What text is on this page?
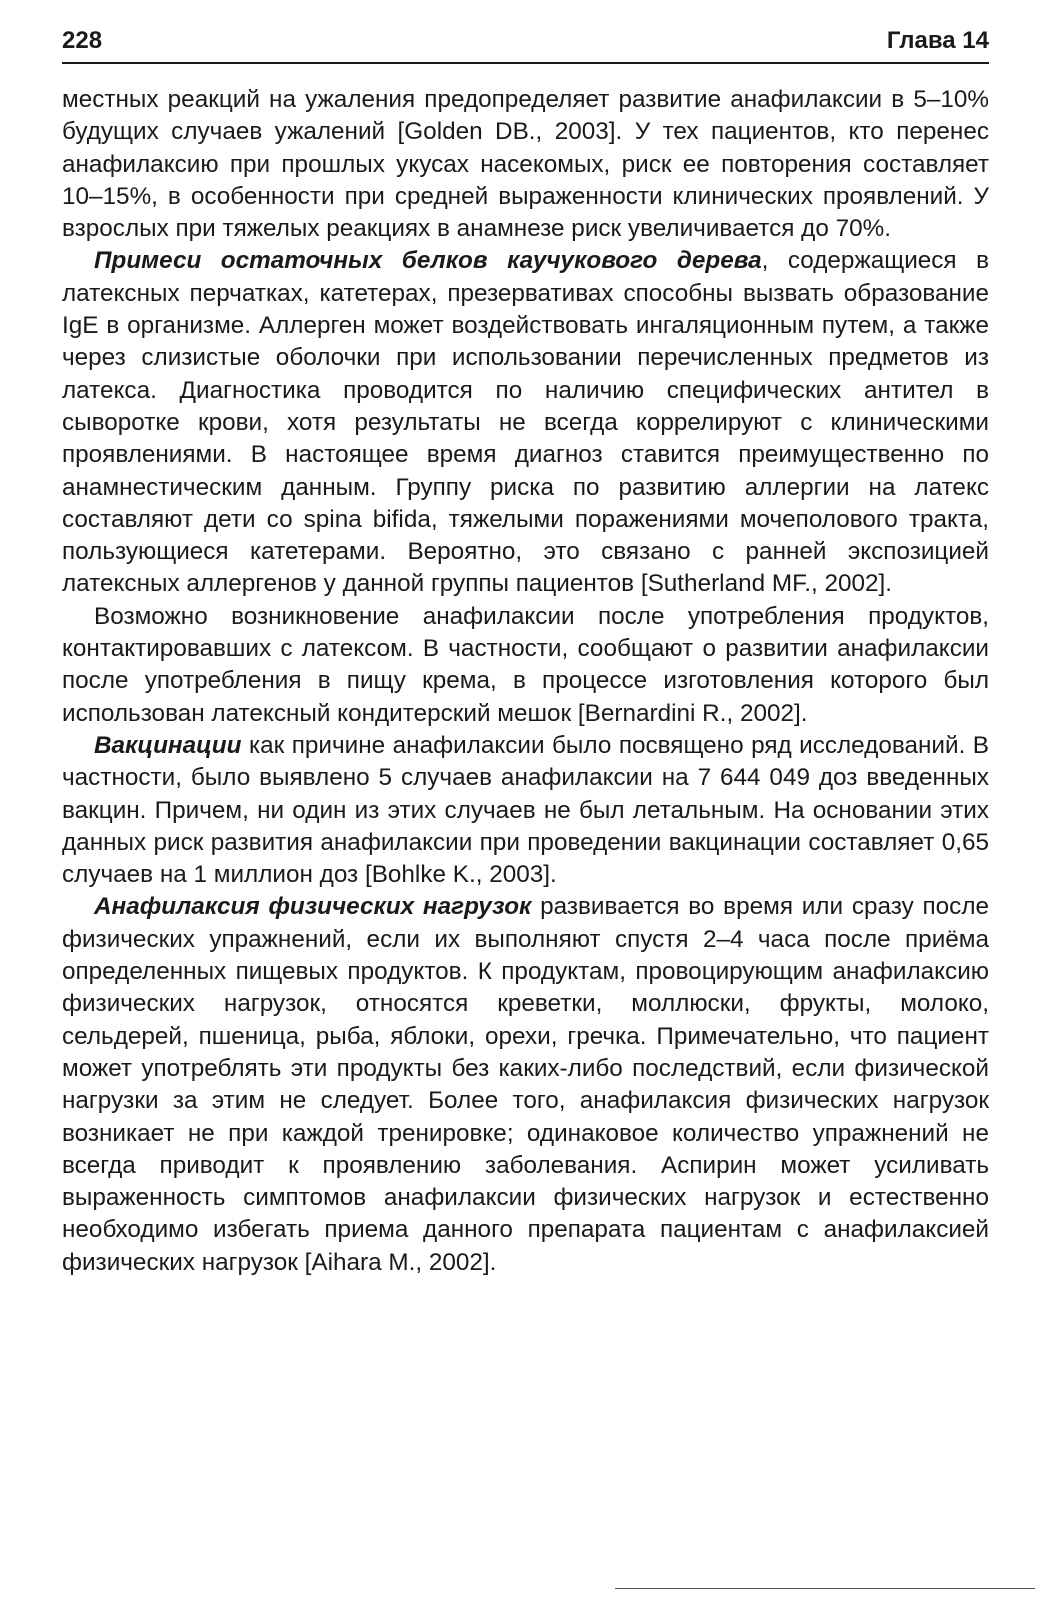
228	Глава 14

местных реакций на ужаления предопределяет развитие анафилаксии в 5–10% будущих случаев ужалений [Golden DB., 2003]. У тех пациентов, кто перенес анафилаксию при прошлых укусах насекомых, риск ее повторения составляет 10–15%, в особенности при средней выраженности клинических проявлений. У взрослых при тяжелых реакциях в анамнезе риск увеличивается до 70%.

Примеси остаточных белков каучукового дерева, содержащиеся в латексных перчатках, катетерах, презервативах способны вызвать образование IgE в организме. Аллерген может воздействовать ингаляционным путем, а также через слизистые оболочки при использовании перечисленных предметов из латекса. Диагностика проводится по наличию специфических антител в сыворотке крови, хотя результаты не всегда коррелируют с клиническими проявлениями. В настоящее время диагноз ставится преимущественно по анамнестическим данным. Группу риска по развитию аллергии на латекс составляют дети со spina bifida, тяжелыми поражениями мочеполового тракта, пользующиеся катетерами. Вероятно, это связано с ранней экспозицией латексных аллергенов у данной группы пациентов [Sutherland MF., 2002].

Возможно возникновение анафилаксии после употребления продуктов, контактировавших с латексом. В частности, сообщают о развитии анафилаксии после употребления в пищу крема, в процессе изготовления которого был использован латексный кондитерский мешок [Bernardini R., 2002].

Вакцинации как причине анафилаксии было посвящено ряд исследований. В частности, было выявлено 5 случаев анафилаксии на 7 644 049 доз введенных вакцин. Причем, ни один из этих случаев не был летальным. На основании этих данных риск развития анафилаксии при проведении вакцинации составляет 0,65 случаев на 1 миллион доз [Bohlke K., 2003].

Анафилаксия физических нагрузок развивается во время или сразу после физических упражнений, если их выполняют спустя 2–4 часа после приёма определенных пищевых продуктов. К продуктам, провоцирующим анафилаксию физических нагрузок, относятся креветки, моллюски, фрукты, молоко, сельдерей, пшеница, рыба, яблоки, орехи, гречка. Примечательно, что пациент может употреблять эти продукты без каких-либо последствий, если физической нагрузки за этим не следует. Более того, анафилаксия физических нагрузок возникает не при каждой тренировке; одинаковое количество упражнений не всегда приводит к проявлению заболевания. Аспирин может усиливать выраженность симптомов анафилаксии физических нагрузок и естественно необходимо избегать приема данного препарата пациентам с анафилаксией физических нагрузок [Aihara M., 2002].
